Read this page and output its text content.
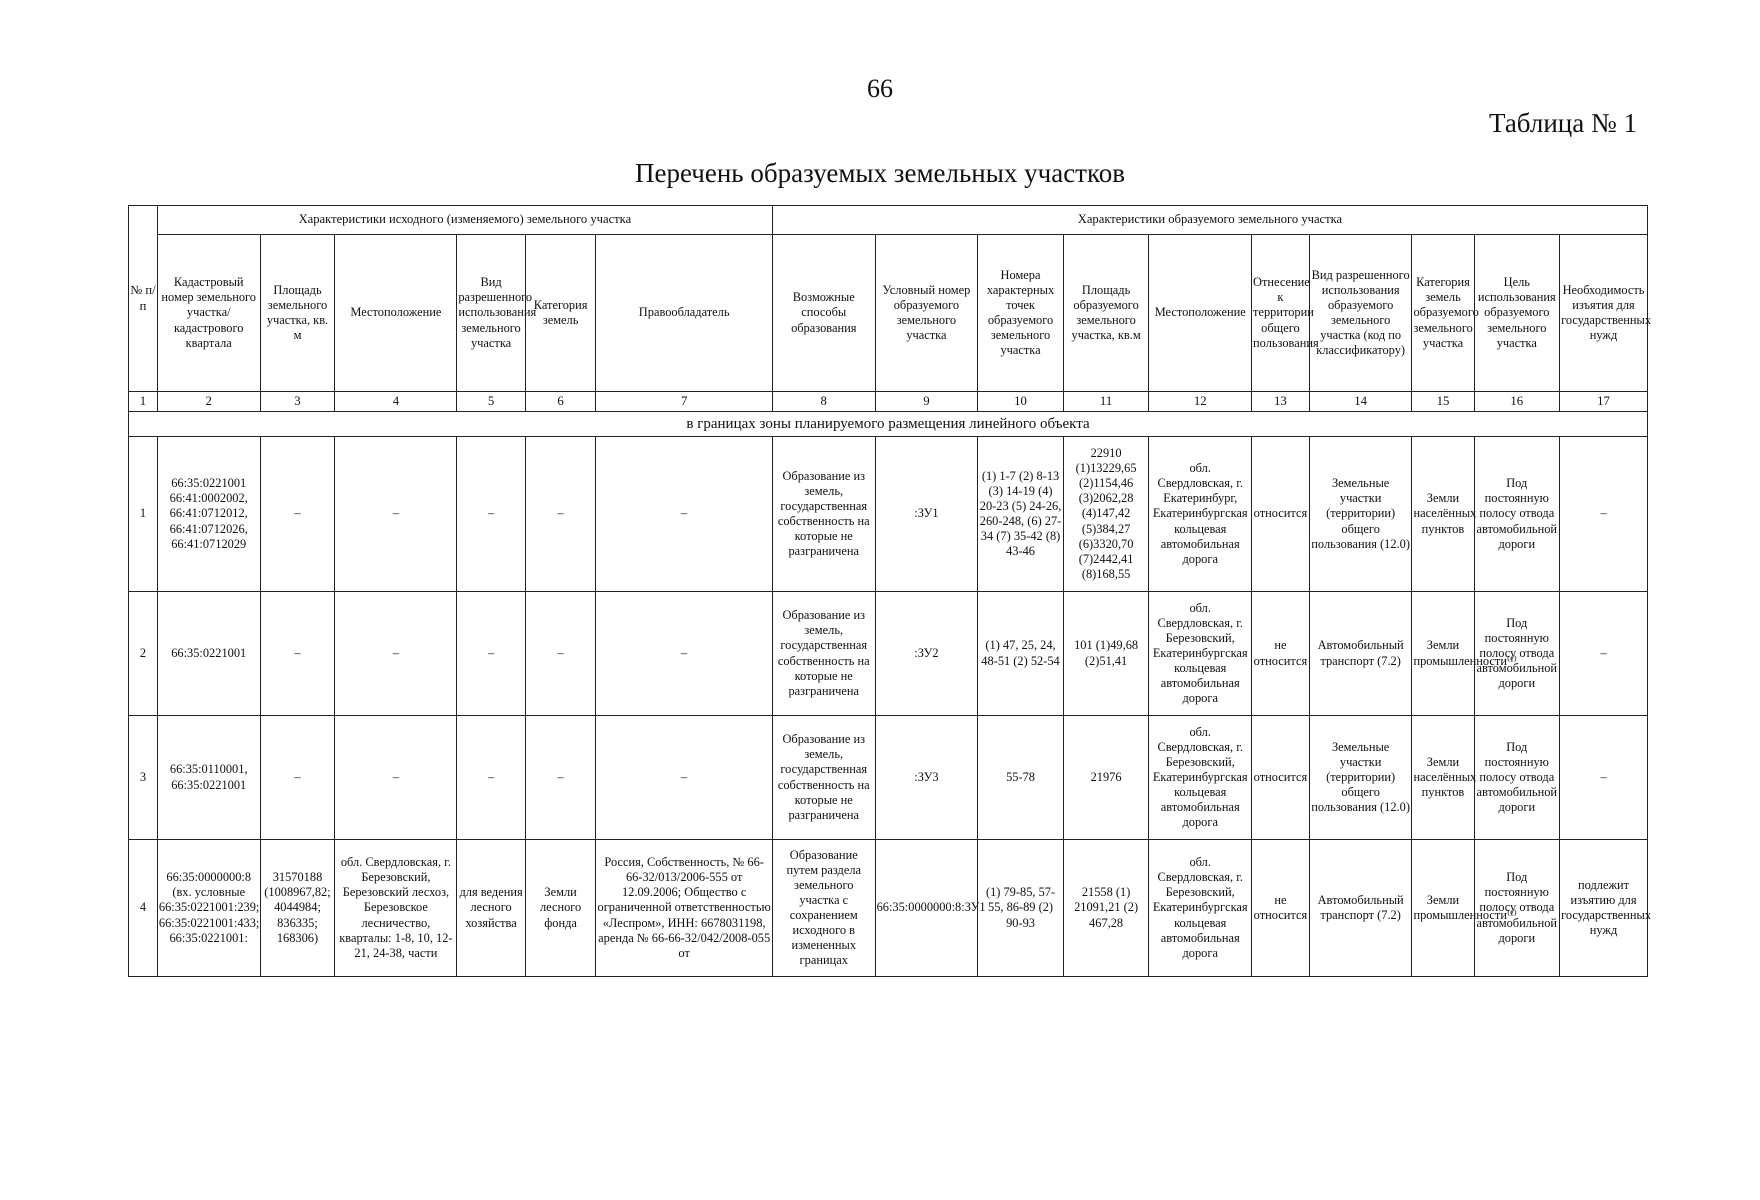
66
Таблица № 1
Перечень образуемых земельных участков
№ п/п	Характеристики исходного (изменяемого) земельного участка						Характеристики образуемого земельного участка									
	Кадастровый номер земельного участка/ кадастрового квартала	Площадь земельного участка, кв. м	Местоположение	Вид разрешенного использования земельного участка	Категория земель	Правообладатель	Возможные способы образования	Условный номер образуемого земельного участка	Номера характерных точек образуемого земельного участка	Площадь образуемого земельного участка, кв.м	Местоположение	Отнесение к территории общего пользования	Вид разрешенного использования образуемого земельного участка (код по классификатору)	Категория земель образуемого земельного участка	Цель использования образуемого земельного участка	Необходимость изъятия для государственных нужд
1	2	3	4	5	6	7	8	9	10	11	12	13	14	15	16	17
в границах зоны планируемого размещения линейного объекта																
1	66:35:0221001 66:41:0002002, 66:41:0712012, 66:41:0712026, 66:41:0712029	–	–	–	–	–	Образование из земель, государственная собственность на которые не разграничена	:ЗУ1	(1) 1-7 (2) 8-13 (3) 14-19 (4) 20-23 (5) 24-26, 260-248, (6) 27-34 (7) 35-42 (8) 43-46	22910 (1)13229,65 (2)1154,46 (3)2062,28 (4)147,42 (5)384,27 (6)3320,70 (7)2442,41 (8)168,55	обл. Свердловская, г. Екатеринбург, Екатеринбургская кольцевая автомобильная дорога	относится	Земельные участки (территории) общего пользования (12.0)	Земли населённых пунктов	Под постоянную полосу отвода автомобильной дороги	–
2	66:35:0221001	–	–	–	–	–	Образование из земель, государственная собственность на которые не разграничена	:ЗУ2	(1) 47, 25, 24, 48-51 (2) 52-54	101 (1)49,68 (2)51,41	обл. Свердловская, г. Березовский, Екатеринбургская кольцевая автомобильная дорога	не относится	Автомобильный транспорт (7.2)	Земли промышленности⁽¹⁾	Под постоянную полосу отвода автомобильной дороги	–
3	66:35:0110001, 66:35:0221001	–	–	–	–	–	Образование из земель, государственная собственность на которые не разграничена	:ЗУ3	55-78	21976	обл. Свердловская, г. Березовский, Екатеринбургская кольцевая автомобильная дорога	относится	Земельные участки (территории) общего пользования (12.0)	Земли населённых пунктов	Под постоянную полосу отвода автомобильной дороги	–
4	66:35:0000000:8 (вх. условные 66:35:0221001:239; 66:35:0221001:433; 66:35:0221001:	31570188 (1008967,82; 4044984; 836335; 168306)	обл. Свердловская, г. Березовский, Березовский лесхоз, Березовское лесничество, кварталы: 1-8, 10, 12-21, 24-38, части	для ведения лесного хозяйства	Земли лесного фонда	Россия, Собственность, № 66-66-32/013/2006-555 от 12.09.2006; Общество с ограниченной ответственностью «Леспром», ИНН: 6678031198, аренда № 66-66-32/042/2008-055 от	Образование путем раздела земельного участка с сохранением исходного в измененных границах	66:35:0000000:8:ЗУ1	(1) 79-85, 57-55, 86-89 (2) 90-93	21558 (1) 21091,21 (2) 467,28	обл. Свердловская, г. Березовский, Екатеринбургская кольцевая автомобильная дорога	не относится	Автомобильный транспорт (7.2)	Земли промышленности⁽¹⁾	Под постоянную полосу отвода автомобильной дороги	подлежит изъятию для государственных нужд
